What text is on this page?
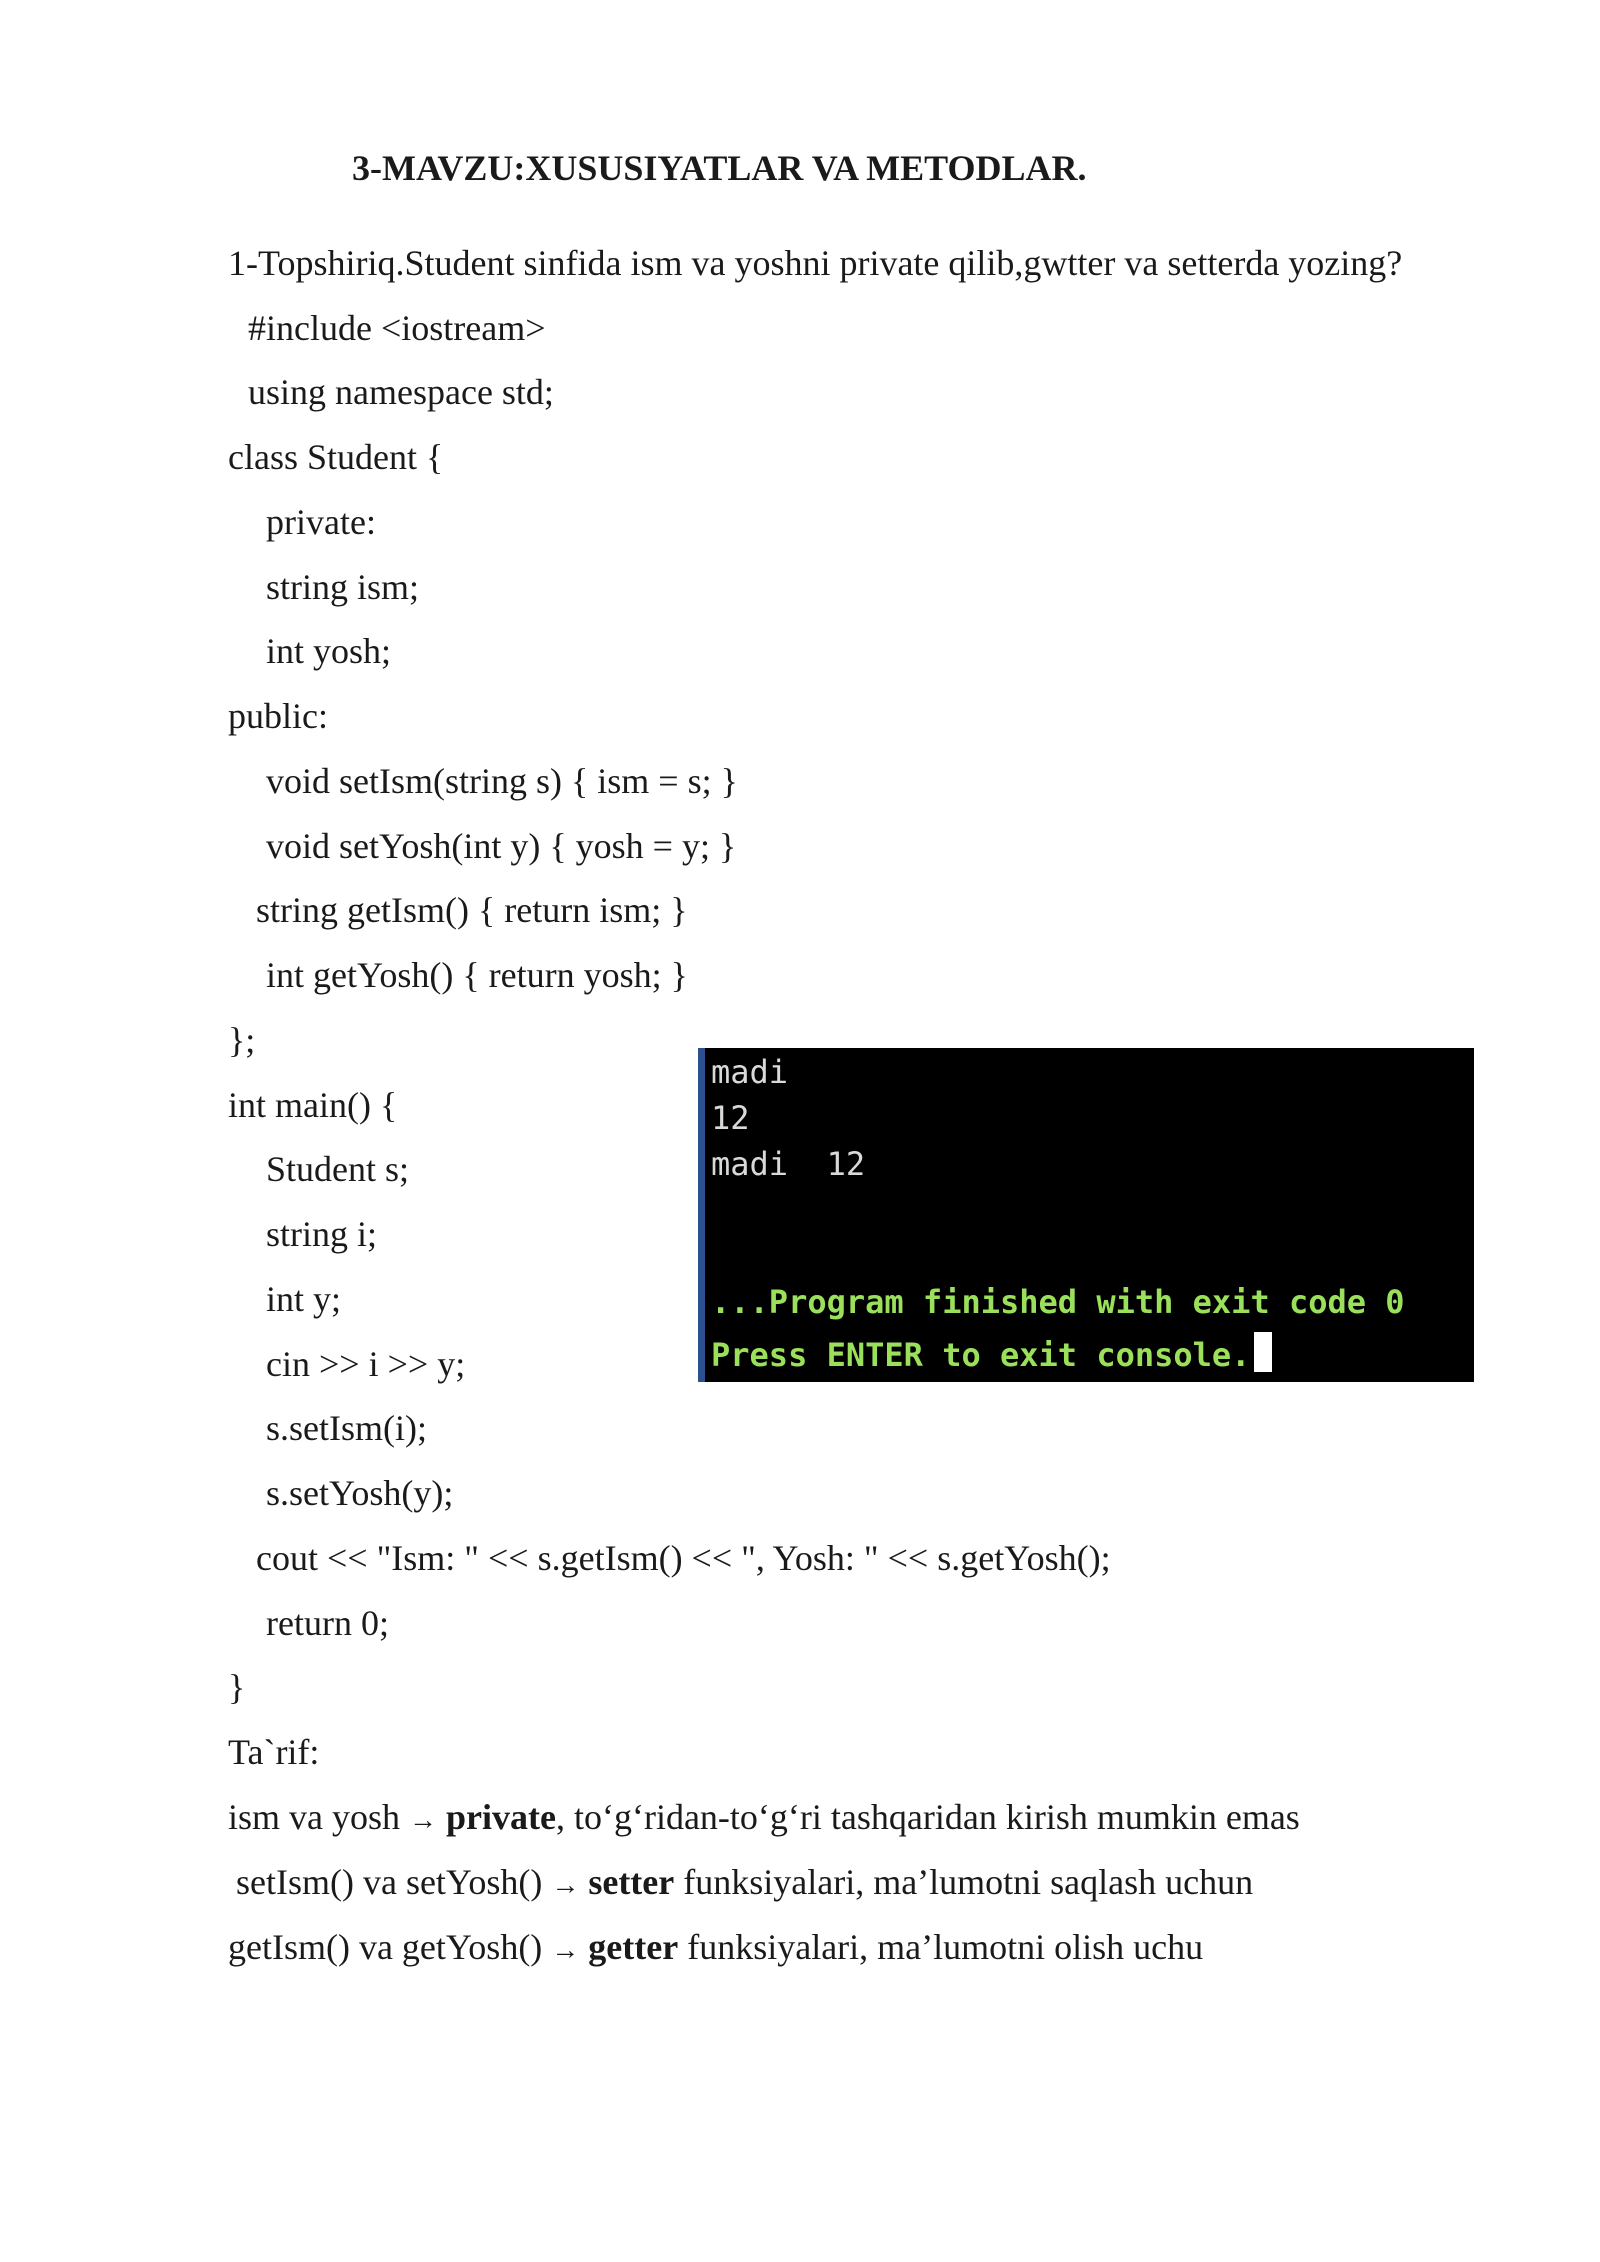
3-MAVZU:XUSUSIYATLAR VA METODLAR.
1-Topshiriq.Student sinfida ism va yoshni private qilib,gwtter va setterda yozing?
#include <iostream>
using namespace std;
class Student {
private:
string ism;
int yosh;
public:
void setIsm(string s) { ism = s; }
void setYosh(int y) { yosh = y; }
string getIsm() { return ism; }
int getYosh() { return yosh; }
};
int main() {
Student s;
string i;
int y;
cin >> i >> y;
s.setIsm(i);
s.setYosh(y);
cout << "Ism: " << s.getIsm() << ", Yosh: " << s.getYosh();
return 0;
}
madi
12
madi  12
...Program finished with exit code 0
Press ENTER to exit console.
Ta`rif:
ism va yosh → private, to‘g‘ridan-to‘g‘ri tashqaridan kirish mumkin emas
setIsm() va setYosh() → setter funksiyalari, ma’lumotni saqlash uchun
getIsm() va getYosh() → getter funksiyalari, ma’lumotni olish uchu
